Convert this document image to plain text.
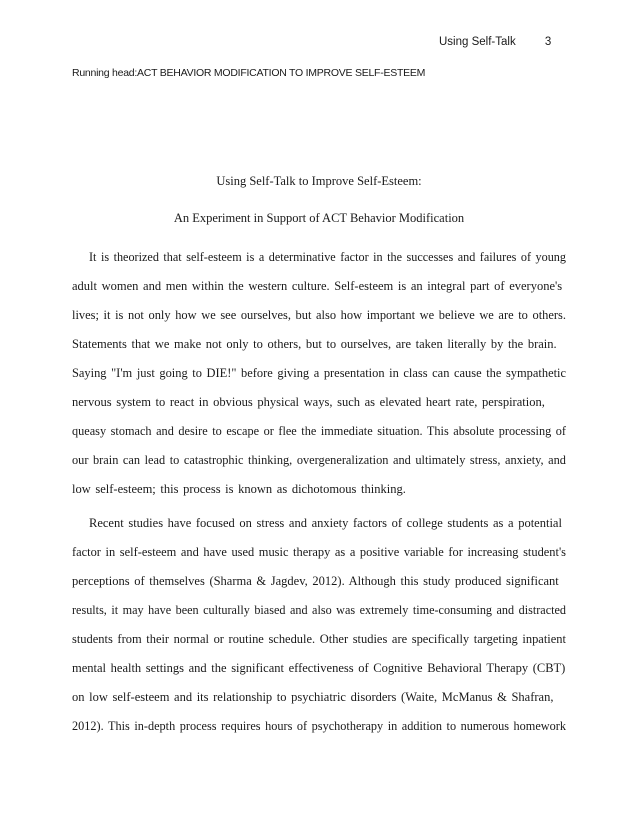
Using Self-Talk	3
Running head:ACT BEHAVIOR MODIFICATION TO IMPROVE SELF-ESTEEM
Using Self-Talk to Improve Self-Esteem:
An Experiment in Support of ACT Behavior Modification
It is theorized that self-esteem is a determinative factor in the successes and failures of young
adult women and men within the western culture. Self-esteem is an integral part of everyone's
lives; it is not only how we see ourselves, but also how important we believe we are to others.
Statements that we make not only to others, but to ourselves, are taken literally by the brain.
Saying "I'm just going to DIE!" before giving a presentation in class can cause the sympathetic
nervous system to react in obvious physical ways, such as elevated heart rate, perspiration,
queasy stomach and desire to escape or flee the immediate situation. This absolute processing of
our brain can lead to catastrophic thinking, overgeneralization and ultimately stress, anxiety, and
low self-esteem; this process is known as dichotomous thinking.
Recent studies have focused on stress and anxiety factors of college students as a potential
factor in self-esteem and have used music therapy as a positive variable for increasing student's
perceptions of themselves (Sharma & Jagdev, 2012). Although this study produced significant
results, it may have been culturally biased and also was extremely time-consuming and distracted
students from their normal or routine schedule. Other studies are specifically targeting inpatient
mental health settings and the significant effectiveness of Cognitive Behavioral Therapy (CBT)
on low self-esteem and its relationship to psychiatric disorders (Waite, McManus & Shafran,
2012). This in-depth process requires hours of psychotherapy in addition to numerous homework
